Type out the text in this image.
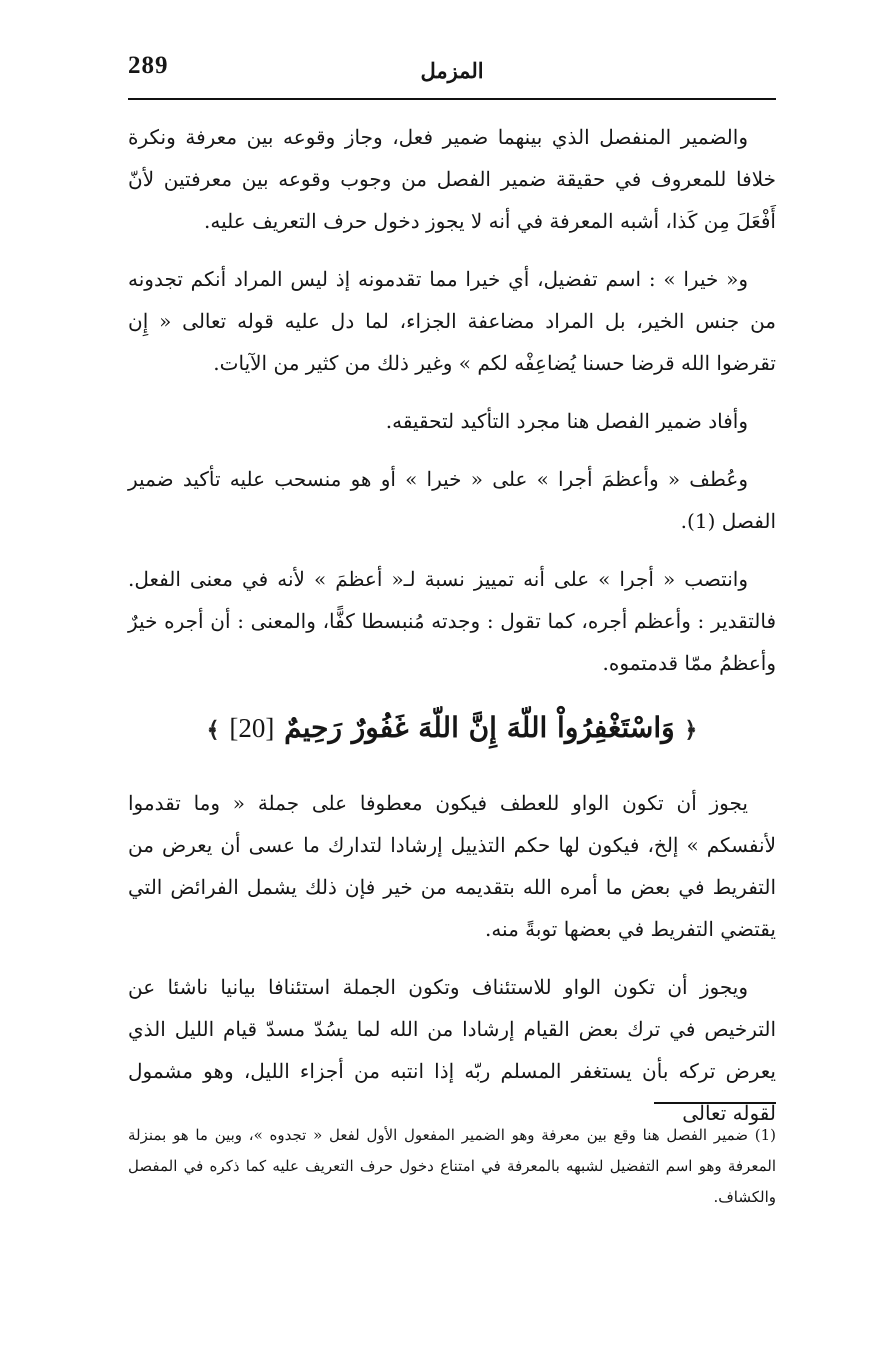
289	المزمل

والضمير المنفصل الذي بينهما ضمير فعل، وجاز وقوعه بين معرفة ونكرة خلافا للمعروف في حقيقة ضمير الفصل من وجوب وقوعه بين معرفتين لأنّ أَفْعَلَ مِن كَذا، أشبه المعرفة في أنه لا يجوز دخول حرف التعريف عليه.

و« خيرا » : اسم تفضيل، أي خيرا مما تقدمونه إذ ليس المراد أنكم تجدونه من جنس الخير، بل المراد مضاعفة الجزاء، لما دل عليه قوله تعالى « إِن تقرضوا الله قرضا حسنا يُضاعِفْه لكم » وغير ذلك من كثير من الآيات.

وأفاد ضمير الفصل هنا مجرد التأكيد لتحقيقه.

وعُطف « وأعظمَ أجرا » على « خيرا » أو هو منسحب عليه تأكيد ضمير الفصل (1).

وانتصب « أجرا » على أنه تمييز نسبة لـ« أعظمَ » لأنه في معنى الفعل. فالتقدير : وأعظم أجره، كما تقول : وجدته مُنبسطا كفًّا، والمعنى : أن أجره خيرٌ وأعظمُ ممّا قدمتموه.

﴿ وَاسْتَغْفِرُواْ اللّهَ إِنَّ اللّهَ غَفُورٌ رَحِيمٌ [20] ﴾

يجوز أن تكون الواو للعطف فيكون معطوفا على جملة « وما تقدموا لأنفسكم » إلخ، فيكون لها حكم التذييل إرشادا لتدارك ما عسى أن يعرض من التفريط في بعض ما أمره الله بتقديمه من خير فإن ذلك يشمل الفرائض التي يقتضي التفريط في بعضها توبةً منه.

ويجوز أن تكون الواو للاستئناف وتكون الجملة استئنافا بيانيا ناشئا عن الترخيص في ترك بعض القيام إرشادا من الله لما يسُدّ مسدّ قيام الليل الذي يعرض تركه بأن يستغفر المسلم ربّه إذا انتبه من أجزاء الليل، وهو مشمول لقوله تعالى

(1) ضمير الفصل هنا وقع بين معرفة وهو الضمير المفعول الأول لفعل « تجدوه »، وبين ما هو بمنزلة المعرفة وهو اسم التفضيل لشبهه بالمعرفة في امتناع دخول حرف التعريف عليه كما ذكره في المفصل والكشاف.
